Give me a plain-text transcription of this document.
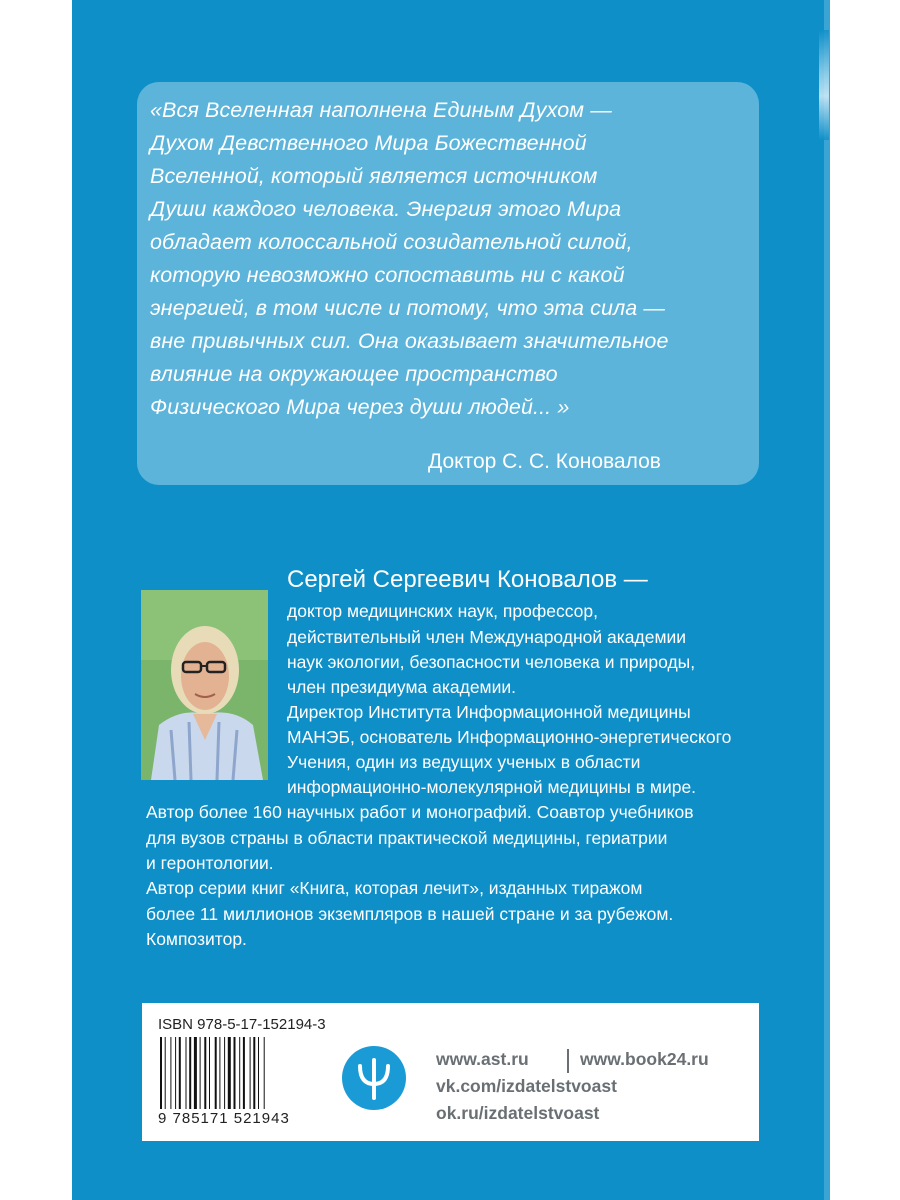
«Вся Вселенная наполнена Единым Духом —
Духом Девственного Мира Божественной
Вселенной, который является источником
Души каждого человека. Энергия этого Мира
обладает колоссальной созидательной силой,
которую невозможно сопоставить ни с какой
энергией, в том числе и потому, что эта сила —
вне привычных сил. Она оказывает значительное
влияние на окружающее пространство
Физического Мира через души людей... »
Доктор С. С. Коновалов
Сергей Сергеевич Коновалов —
доктор медицинских наук, профессор,
действительный член Международной академии
наук экологии, безопасности человека и природы,
член президиума академии.
Директор Института Информационной медицины
МАНЭБ, основатель Информационно-энергетического
Учения, один из ведущих ученых в области
информационно-молекулярной медицины в мире.
Автор более 160 научных работ и монографий. Соавтор учебников
для вузов страны в области практической медицины, гериатрии
и геронтологии.
Автор серии книг «Книга, которая лечит», изданных тиражом
более 11 миллионов экземпляров в нашей стране и за рубежом.
Композитор.
ISBN 978-5-17-152194-3
9 785171 521943
www.ast.ru	www.book24.ru
vk.com/izdatelstvoast
ok.ru/izdatelstvoast
